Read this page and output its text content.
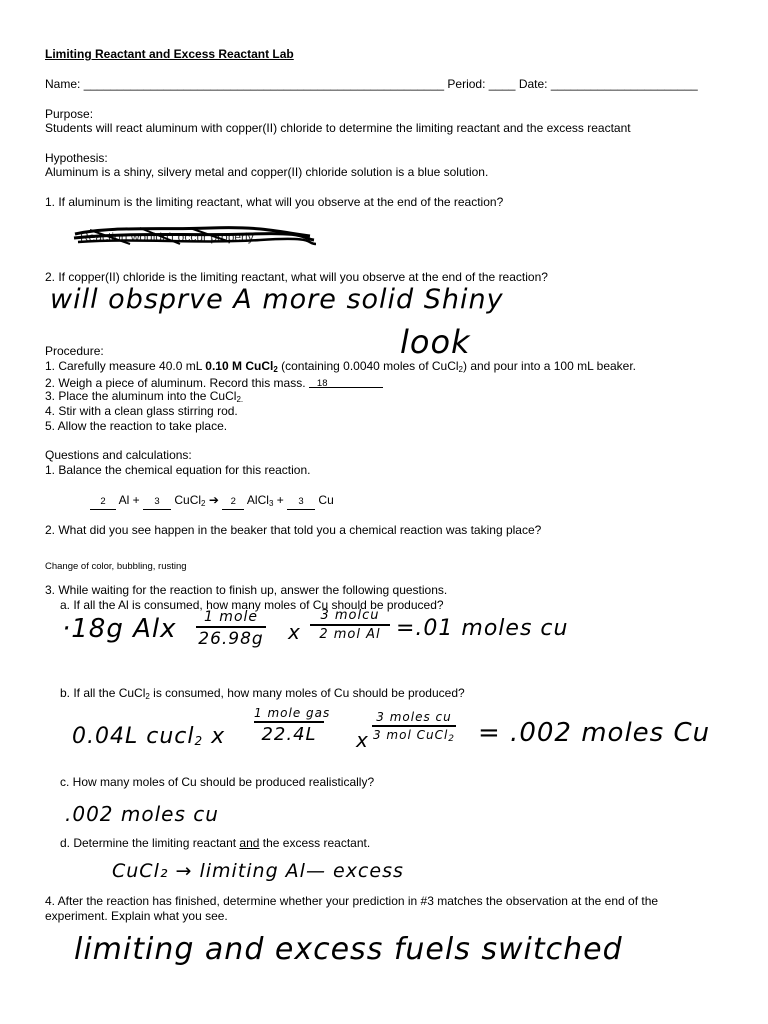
Limiting Reactant and Excess Reactant Lab
Name: ______________________________________________________ Period: ____ Date: ______________________
Purpose:
Students will react aluminum with copper(II) chloride to determine the limiting reactant and the excess reactant
Hypothesis:
Aluminum is a shiny, silvery metal and copper(II) chloride solution is a blue solution.
1. If aluminum is the limiting reactant, what will you observe at the end of the reaction?
Reaction wouldn't occur properly
2. If copper(II) chloride is the limiting reactant, what will you observe at the end of the reaction?
will obsprve A more solid Shiny
look
Procedure:
1. Carefully measure 40.0 mL 0.10 M CuCl$_2$ (containing 0.0040 moles of CuCl$_2$) and pour into a 100 mL beaker.
2. Weigh a piece of aluminum. Record this mass. 18
3. Place the aluminum into the CuCl$_{2.}$
4. Stir with a clean glass stirring rod.
5. Allow the reaction to take place.
Questions and calculations:
1. Balance the chemical equation for this reaction.
2 Al + 3 CuCl$_2$ ➔ 2 AlCl$_3$ + 3 Cu
2. What did you see happen in the beaker that told you a chemical reaction was taking place?
Change of color, bubbling, rusting
3. While waiting for the reaction to finish up, answer the following questions.
a. If all the Al is consumed, how many moles of Cu should be produced?
·18g Alx	1 mole
26.98g x
3 molcu
2 mol Al =.01 moles cu
b. If all the CuCl$_2$ is consumed, how many moles of Cu should be produced?
0.04L cucl$_2$ x
1 mole gas
22.4L	x
3 moles cu
3 mol CuCl$_2$ = .002 moles Cu
c. How many moles of Cu should be produced realistically?
.002 moles cu
d. Determine the limiting reactant and the excess reactant.
CuCl₂ → limiting Al— excess
4. After the reaction has finished, determine whether your prediction in #3 matches the observation at the end of the
experiment. Explain what you see.
limiting and excess fuels switched
